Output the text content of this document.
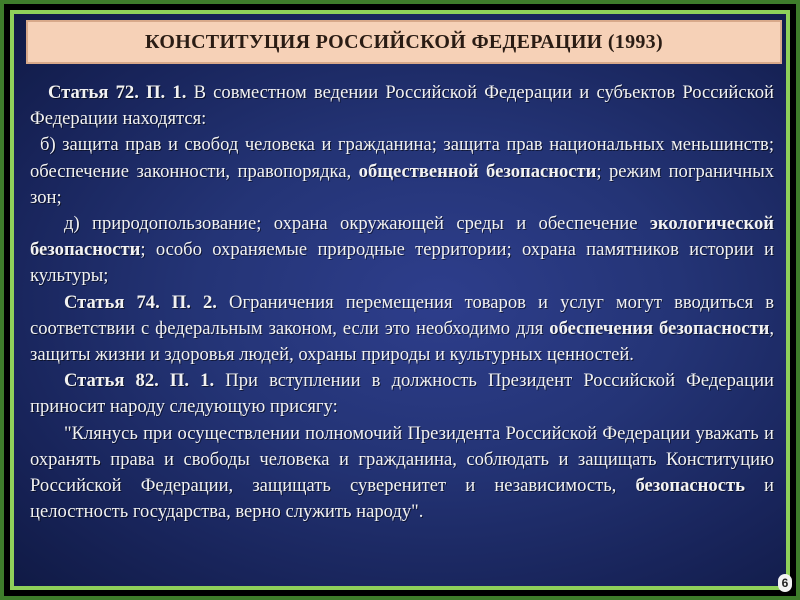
КОНСТИТУЦИЯ РОССИЙСКОЙ ФЕДЕРАЦИИ (1993)

Статья 72. П. 1. В совместном ведении Российской Федерации и субъектов Российской Федерации находятся:

б) защита прав и свобод человека и гражданина; защита прав национальных меньшинств; обеспечение законности, правопорядка, общественной безопасности; режим пограничных зон;

д) природопользование; охрана окружающей среды и обеспечение экологической безопасности; особо охраняемые природные территории; охрана памятников истории и культуры;

Статья 74. П. 2. Ограничения перемещения товаров и услуг могут вводиться в соответствии с федеральным законом, если это необходимо для обеспечения безопасности, защиты жизни и здоровья людей, охраны природы и культурных ценностей.

Статья 82. П. 1. При вступлении в должность Президент Российской Федерации приносит народу следующую присягу:

"Клянусь при осуществлении полномочий Президента Российской Федерации уважать и охранять права и свободы человека и гражданина, соблюдать и защищать Конституцию Российской Федерации, защищать суверенитет и независимость, безопасность и целостность государства, верно служить народу".

6
